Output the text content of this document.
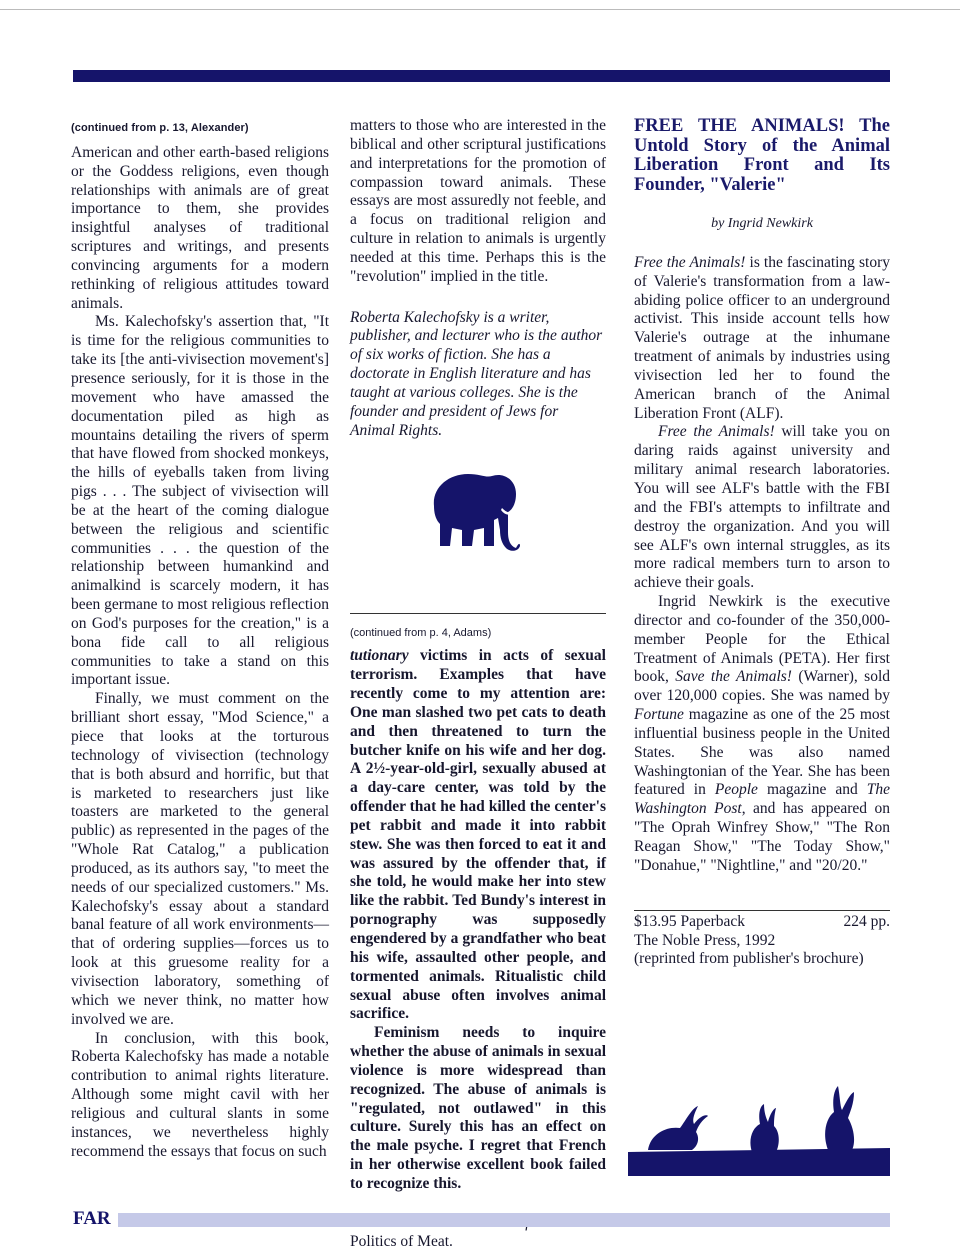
(continued from p. 13, Alexander)

American and other earth-based religions or the Goddess religions, even though relationships with animals are of great importance to them, she provides insightful analyses of traditional scriptures and writings, and presents convincing arguments for a modern rethinking of religious attitudes toward animals.

Ms. Kalechofsky's assertion that, "It is time for the religious communities to take its [the anti-vivisection movement's] presence seriously, for it is those in the movement who have amassed the documentation piled as high as mountains detailing the rivers of sperm that have flowed from shocked monkeys, the hills of eyeballs taken from living pigs . . . The subject of vivisection will be at the heart of the coming dialogue between the religious and scientific communities . . . the question of the relationship between humankind and animalkind is scarcely modern, it has been germane to most religious reflection on God's purposes for the creation," is a bona fide call to all religious communities to take a stand on this important issue.

Finally, we must comment on the brilliant short essay, "Mod Science," a piece that looks at the torturous technology of vivisection (technology that is both absurd and horrific, but that is marketed to researchers just like toasters are marketed to the general public) as represented in the pages of the "Whole Rat Catalog," a publication produced, as its authors say, "to meet the needs of our specialized customers." Ms. Kalechofsky's essay about a standard banal feature of all work environments—that of ordering supplies—forces us to look at this gruesome reality for a vivisection laboratory, something of which we never think, no matter how involved we are.

In conclusion, with this book, Roberta Kalechofsky has made a notable contribution to animal rights literature. Although some might cavil with her religious and cultural slants in some instances, we nevertheless highly recommend the essays that focus on such

matters to those who are interested in the biblical and other scriptural justifications and interpretations for the promotion of compassion toward animals. These essays are most assuredly not feeble, and a focus on traditional religion and culture in relation to animals is urgently needed at this time. Perhaps this is the "revolution" implied in the title.

Roberta Kalechofsky is a writer, publisher, and lecturer who is the author of six works of fiction. She has a doctorate in English literature and has taught at various colleges. She is the founder and president of Jews for Animal Rights.

(continued from p. 4, Adams)

tutionary victims in acts of sexual terrorism. Examples that have recently come to my attention are: One man slashed two pet cats to death and then threatened to turn the butcher knife on his wife and her dog. A 2½-year-old-girl, sexually abused at a day-care center, was told by the offender that he had killed the center's pet rabbit and made it into rabbit stew. She was then forced to eat it and was assured by the offender that, if she told, he would make her into stew like the rabbit. Ted Bundy's interest in pornography was supposedly engendered by a grandfather who beat his wife, assaulted other people, and tormented animals. Ritualistic child sexual abuse often involves animal sacrifice.

Feminism needs to inquire whether the abuse of animals in sexual violence is more widespread than recognized. The abuse of animals is "regulated, not outlawed" in this culture. Surely this has an effect on the male psyche. I regret that French in her otherwise excellent book failed to recognize this.

Politics of Meat.

FREE THE ANIMALS! The Untold Story of the Animal Liberation Front and Its Founder, "Valerie"
by Ingrid Newkirk

Free the Animals! is the fascinating story of Valerie's transformation from a law-abiding police officer to an underground activist. This inside account tells how Valerie's outrage at the inhumane treatment of animals by industries using vivisection led her to found the American branch of the Animal Liberation Front (ALF).

Free the Animals! will take you on daring raids against university and military animal research laboratories. You will see ALF's battle with the FBI and the FBI's attempts to infiltrate and destroy the organization. And you will see ALF's own internal struggles, as its more radical members turn to arson to achieve their goals.

Ingrid Newkirk is the executive director and co-founder of the 350,000-member People for the Ethical Treatment of Animals (PETA). Her first book, Save the Animals! (Warner), sold over 120,000 copies. She was named by Fortune magazine as one of the 25 most influential business people in the United States. She was also named Washingtonian of the Year. She has been featured in People magazine and The Washington Post, and has appeared on "The Oprah Winfrey Show," "The Ron Reagan Show," "The Today Show," "Donahue," "Nightline," and "20/20."

$13.95 Paperback	224 pp.
The Noble Press, 1992
(reprinted from publisher's brochure)
FAR
